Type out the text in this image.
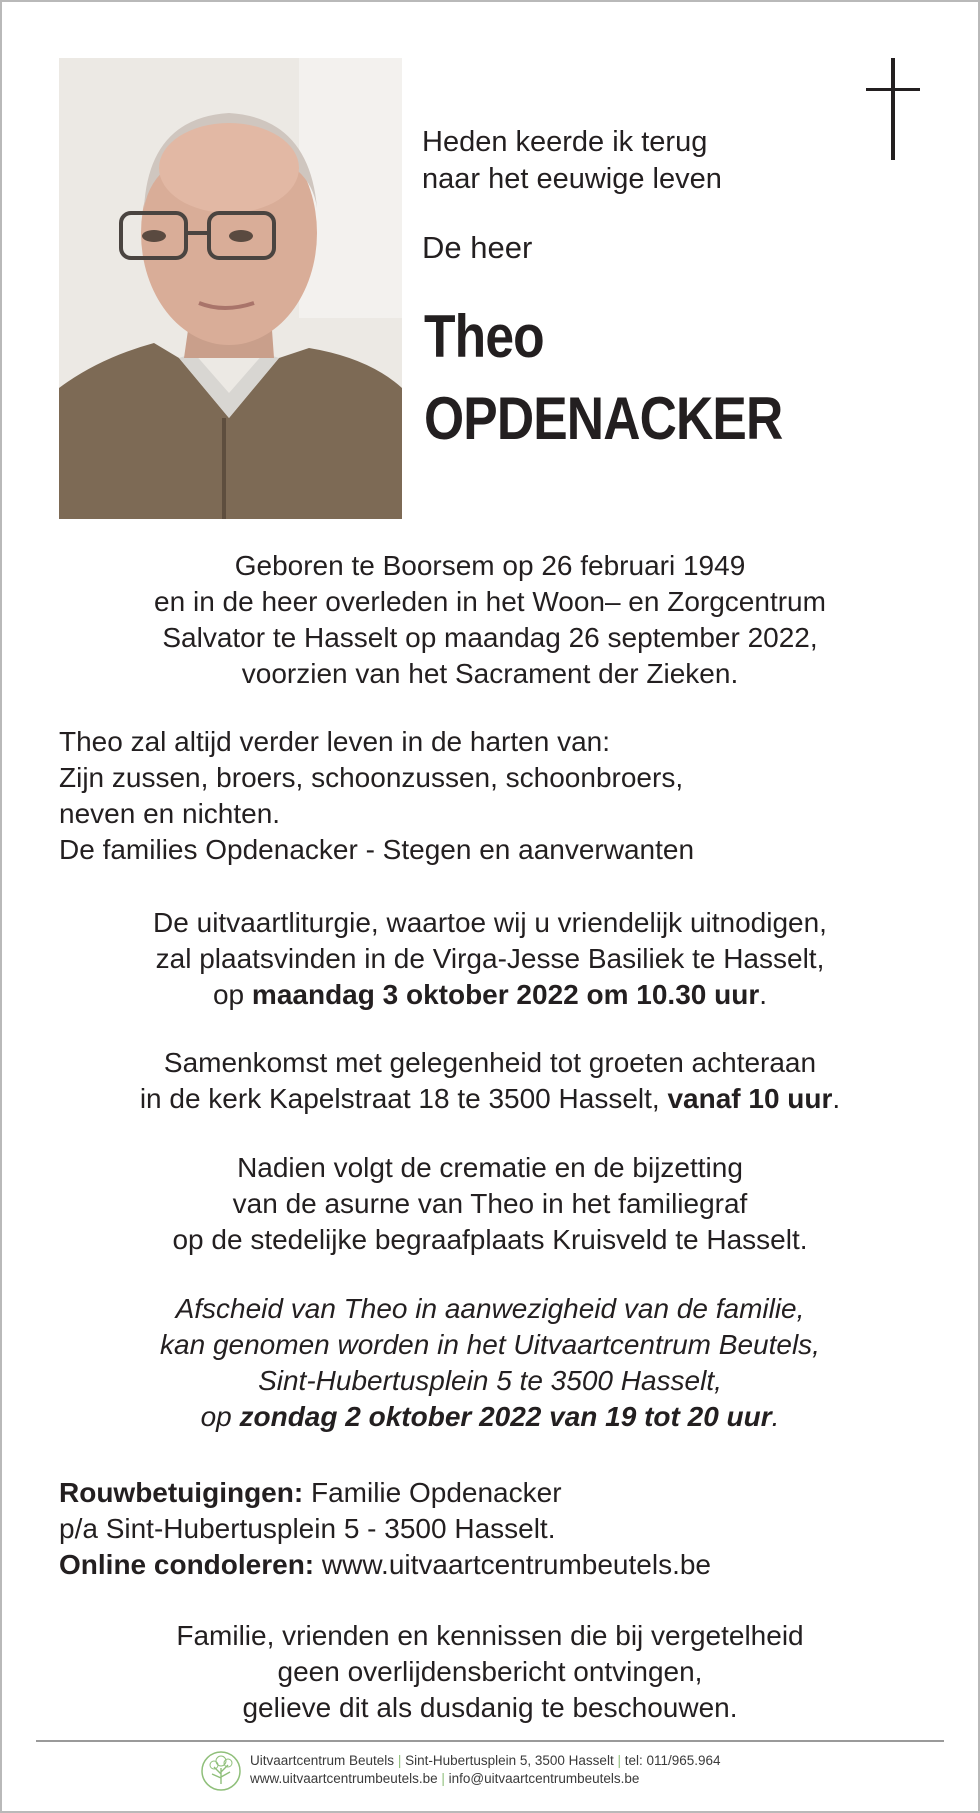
Heden keerde ik terug
naar het eeuwige leven
De heer
Theo
OPDENACKER
Geboren te Boorsem op 26 februari 1949
en in de heer overleden in het Woon– en Zorgcentrum
Salvator te Hasselt op maandag 26 september 2022,
voorzien van het Sacrament der Zieken.
Theo zal altijd verder leven in de harten van:
Zijn zussen, broers, schoonzussen, schoonbroers,
neven en nichten.
De families Opdenacker - Stegen en aanverwanten
De uitvaartliturgie, waartoe wij u vriendelijk uitnodigen,
zal plaatsvinden in de Virga-Jesse Basiliek te Hasselt,
op maandag 3 oktober 2022 om 10.30 uur.
Samenkomst met gelegenheid tot groeten achteraan
in de kerk Kapelstraat 18 te 3500 Hasselt, vanaf 10 uur.
Nadien volgt de crematie en de bijzetting
van de asurne van Theo in het familiegraf
op de stedelijke begraafplaats Kruisveld te Hasselt.
Afscheid van Theo in aanwezigheid van de familie,
kan genomen worden in het Uitvaartcentrum Beutels,
Sint-Hubertusplein 5 te 3500 Hasselt,
op zondag 2 oktober 2022 van 19 tot 20 uur.
Rouwbetuigingen: Familie Opdenacker
p/a Sint-Hubertusplein 5 - 3500 Hasselt.
Online condoleren: www.uitvaartcentrumbeutels.be
Familie, vrienden en kennissen die bij vergetelheid
geen overlijdensbericht ontvingen,
gelieve dit als dusdanig te beschouwen.
Uitvaartcentrum Beutels | Sint-Hubertusplein 5, 3500 Hasselt | tel: 011/965.964
www.uitvaartcentrumbeutels.be | info@uitvaartcentrumbeutels.be
